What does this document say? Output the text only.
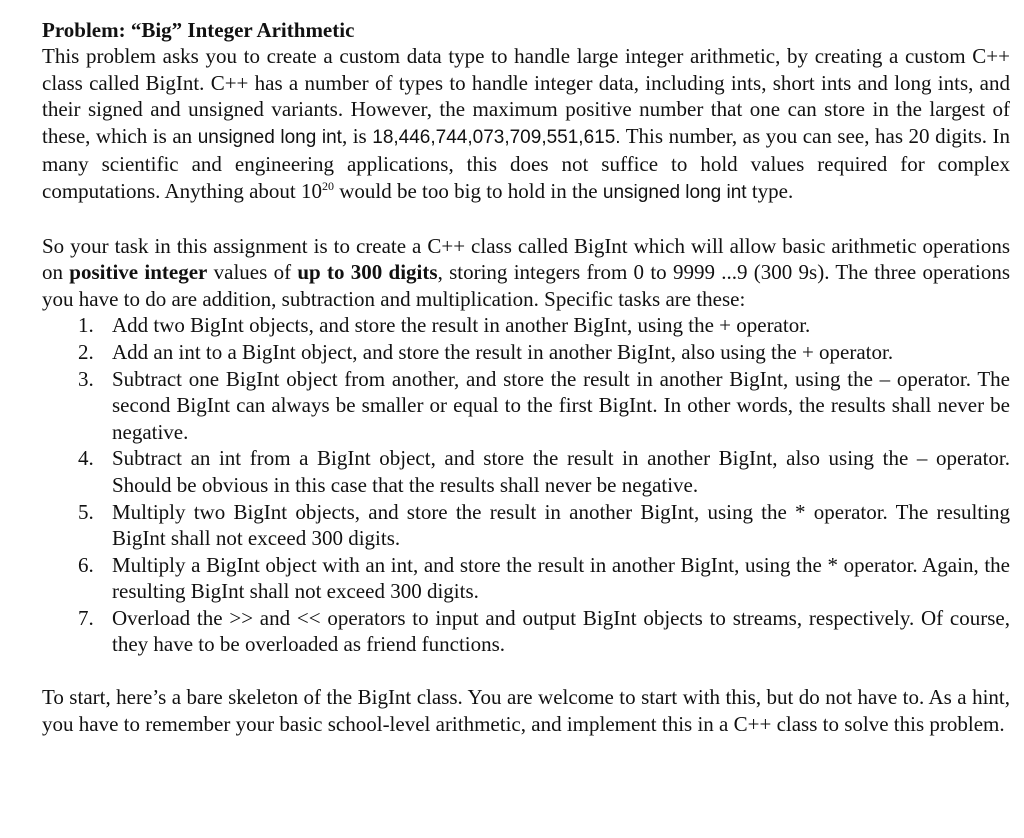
Problem: “Big” Integer Arithmetic

This problem asks you to create a custom data type to handle large integer arithmetic, by creating a custom C++ class called BigInt. C++ has a number of types to handle integer data, including ints, short ints and long ints, and their signed and unsigned variants. However, the maximum positive number that one can store in the largest of these, which is an unsigned long int, is 18,446,744,073,709,551,615. This number, as you can see, has 20 digits. In many scientific and engineering applications, this does not suffice to hold values required for complex computations. Anything about $10^{20}$ would be too big to hold in the unsigned long int type.

So your task in this assignment is to create a C++ class called BigInt which will allow basic arithmetic operations on positive integer values of up to 300 digits, storing integers from 0 to 9999 ...9 (300 9s). The three operations you have to do are addition, subtraction and multiplication. Specific tasks are these:

1. Add two BigInt objects, and store the result in another BigInt, using the + operator.
2. Add an int to a BigInt object, and store the result in another BigInt, also using the + operator.
3. Subtract one BigInt object from another, and store the result in another BigInt, using the – operator. The second BigInt can always be smaller or equal to the first BigInt. In other words, the results shall never be negative.
4. Subtract an int from a BigInt object, and store the result in another BigInt, also using the – operator. Should be obvious in this case that the results shall never be negative.
5. Multiply two BigInt objects, and store the result in another BigInt, using the * operator. The resulting BigInt shall not exceed 300 digits.
6. Multiply a BigInt object with an int, and store the result in another BigInt, using the * operator. Again, the resulting BigInt shall not exceed 300 digits.
7. Overload the >> and << operators to input and output BigInt objects to streams, respectively. Of course, they have to be overloaded as friend functions.

To start, here’s a bare skeleton of the BigInt class. You are welcome to start with this, but do not have to. As a hint, you have to remember your basic school-level arithmetic, and implement this in a C++ class to solve this problem.
